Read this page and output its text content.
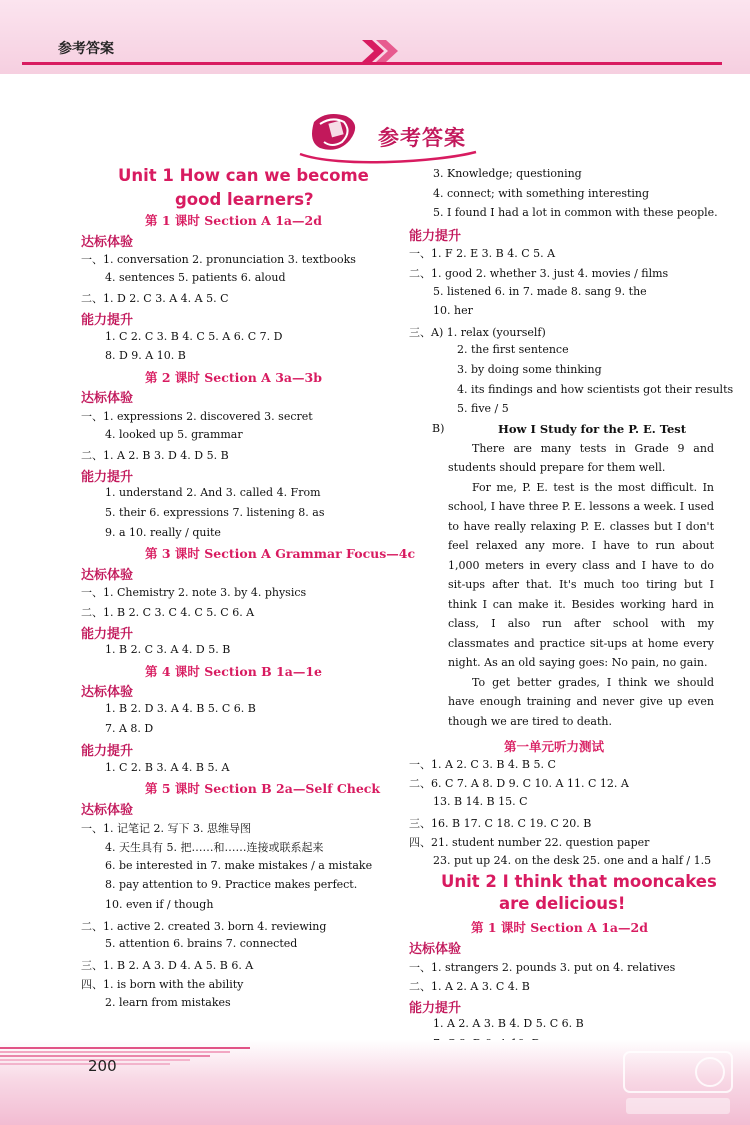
参考答案
参考答案
Unit 1 How can we become
good learners?
第 1 课时 Section A 1a—2d
达标体验
一、1. conversation 2. pronunciation 3. textbooks
4. sentences 5. patients 6. aloud
二、1. D 2. C 3. A 4. A 5. C
能力提升
1. C 2. C 3. B 4. C 5. A 6. C 7. D
8. D 9. A 10. B
第 2 课时 Section A 3a—3b
达标体验
一、1. expressions 2. discovered 3. secret
4. looked up 5. grammar
二、1. A 2. B 3. D 4. D 5. B
能力提升
1. understand 2. And 3. called 4. From
5. their 6. expressions 7. listening 8. as
9. a 10. really / quite
第 3 课时 Section A Grammar Focus—4c
达标体验
一、1. Chemistry 2. note 3. by 4. physics
二、1. B 2. C 3. C 4. C 5. C 6. A
能力提升
1. B 2. C 3. A 4. D 5. B
第 4 课时 Section B 1a—1e
达标体验
1. B 2. D 3. A 4. B 5. C 6. B
7. A 8. D
能力提升
1. C 2. B 3. A 4. B 5. A
第 5 课时 Section B 2a—Self Check
达标体验
一、1. 记笔记 2. 写下 3. 思维导图
4. 天生具有 5. 把……和……连接或联系起来
6. be interested in 7. make mistakes / a mistake
8. pay attention to 9. Practice makes perfect.
10. even if / though
二、1. active 2. created 3. born 4. reviewing
5. attention 6. brains 7. connected
三、1. B 2. A 3. D 4. A 5. B 6. A
四、1. is born with the ability
2. learn from mistakes
3. Knowledge; questioning
4. connect; with something interesting
5. I found I had a lot in common with these people.
能力提升
一、1. F 2. E 3. B 4. C 5. A
二、1. good 2. whether 3. just 4. movies / films
5. listened 6. in 7. made 8. sang 9. the
10. her
三、A) 1. relax (yourself)
2. the first sentence
3. by doing some thinking
4. its findings and how scientists got their results
5. five / 5
B)	How I Study for the P. E. Test
There are many tests in Grade 9 and students should prepare for them well.
For me, P. E. test is the most difficult. In school, I have three P. E. lessons a week. I used to have really relaxing P. E. classes but I don't feel relaxed any more. I have to run about 1,000 meters in every class and I have to do sit-ups after that. It's much too tiring but I think I can make it. Besides working hard in class, I also run after school with my classmates and practice sit-ups at home every night. As an old saying goes: No pain, no gain.
To get better grades, I think we should have enough training and never give up even though we are tired to death.
第一单元听力测试
一、1. A 2. C 3. B 4. B 5. C
二、6. C 7. A 8. D 9. C 10. A 11. C 12. A
13. B 14. B 15. C
三、16. B 17. C 18. C 19. C 20. B
四、21. student number 22. question paper
23. put up 24. on the desk 25. one and a half / 1.5
Unit 2 I think that mooncakes
are delicious!
第 1 课时 Section A 1a—2d
达标体验
一、1. strangers 2. pounds 3. put on 4. relatives
二、1. A 2. A 3. C 4. B
能力提升
1. A 2. A 3. B 4. D 5. C 6. B
200
